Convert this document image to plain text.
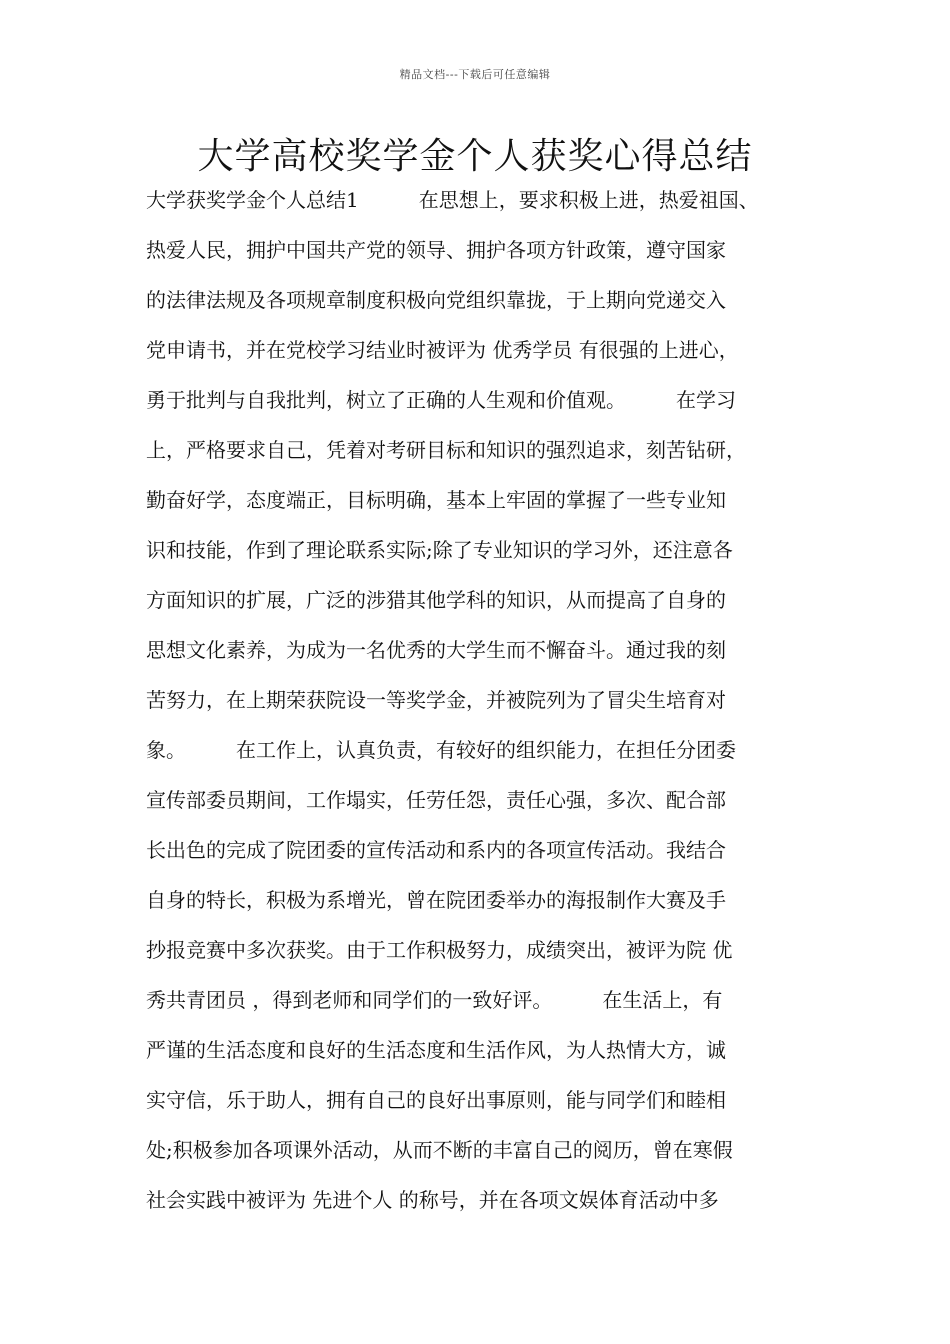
精品文档---下载后可任意编辑
大学高校奖学金个人获奖心得总结
大学获奖学金个人总结1　　　在思想上，要求积极上进，热爱祖国、
热爱人民，拥护中国共产党的领导、拥护各项方针政策，遵守国家
的法律法规及各项规章制度积极向党组织靠拢，于上期向党递交入
党申请书，并在党校学习结业时被评为 优秀学员 有很强的上进心，
勇于批判与自我批判，树立了正确的人生观和价值观。　　　在学习
上，严格要求自己，凭着对考研目标和知识的强烈追求，刻苦钻研，
勤奋好学，态度端正，目标明确，基本上牢固的掌握了一些专业知
识和技能，作到了理论联系实际;除了专业知识的学习外，还注意各
方面知识的扩展，广泛的涉猎其他学科的知识，从而提高了自身的
思想文化素养，为成为一名优秀的大学生而不懈奋斗。通过我的刻
苦努力，在上期荣获院设一等奖学金，并被院列为了冒尖生培育对
象。　　　在工作上，认真负责，有较好的组织能力，在担任分团委
宣传部委员期间，工作塌实，任劳任怨，责任心强，多次、配合部
长出色的完成了院团委的宣传活动和系内的各项宣传活动。我结合
自身的特长，积极为系增光，曾在院团委举办的海报制作大赛及手
抄报竞赛中多次获奖。由于工作积极努力，成绩突出，被评为院 优
秀共青团员 ，得到老师和同学们的一致好评。　　　在生活上，有
严谨的生活态度和良好的生活态度和生活作风，为人热情大方，诚
实守信，乐于助人，拥有自己的良好出事原则，能与同学们和睦相
处;积极参加各项课外活动，从而不断的丰富自己的阅历，曾在寒假
社会实践中被评为 先进个人 的称号，并在各项文娱体育活动中多
